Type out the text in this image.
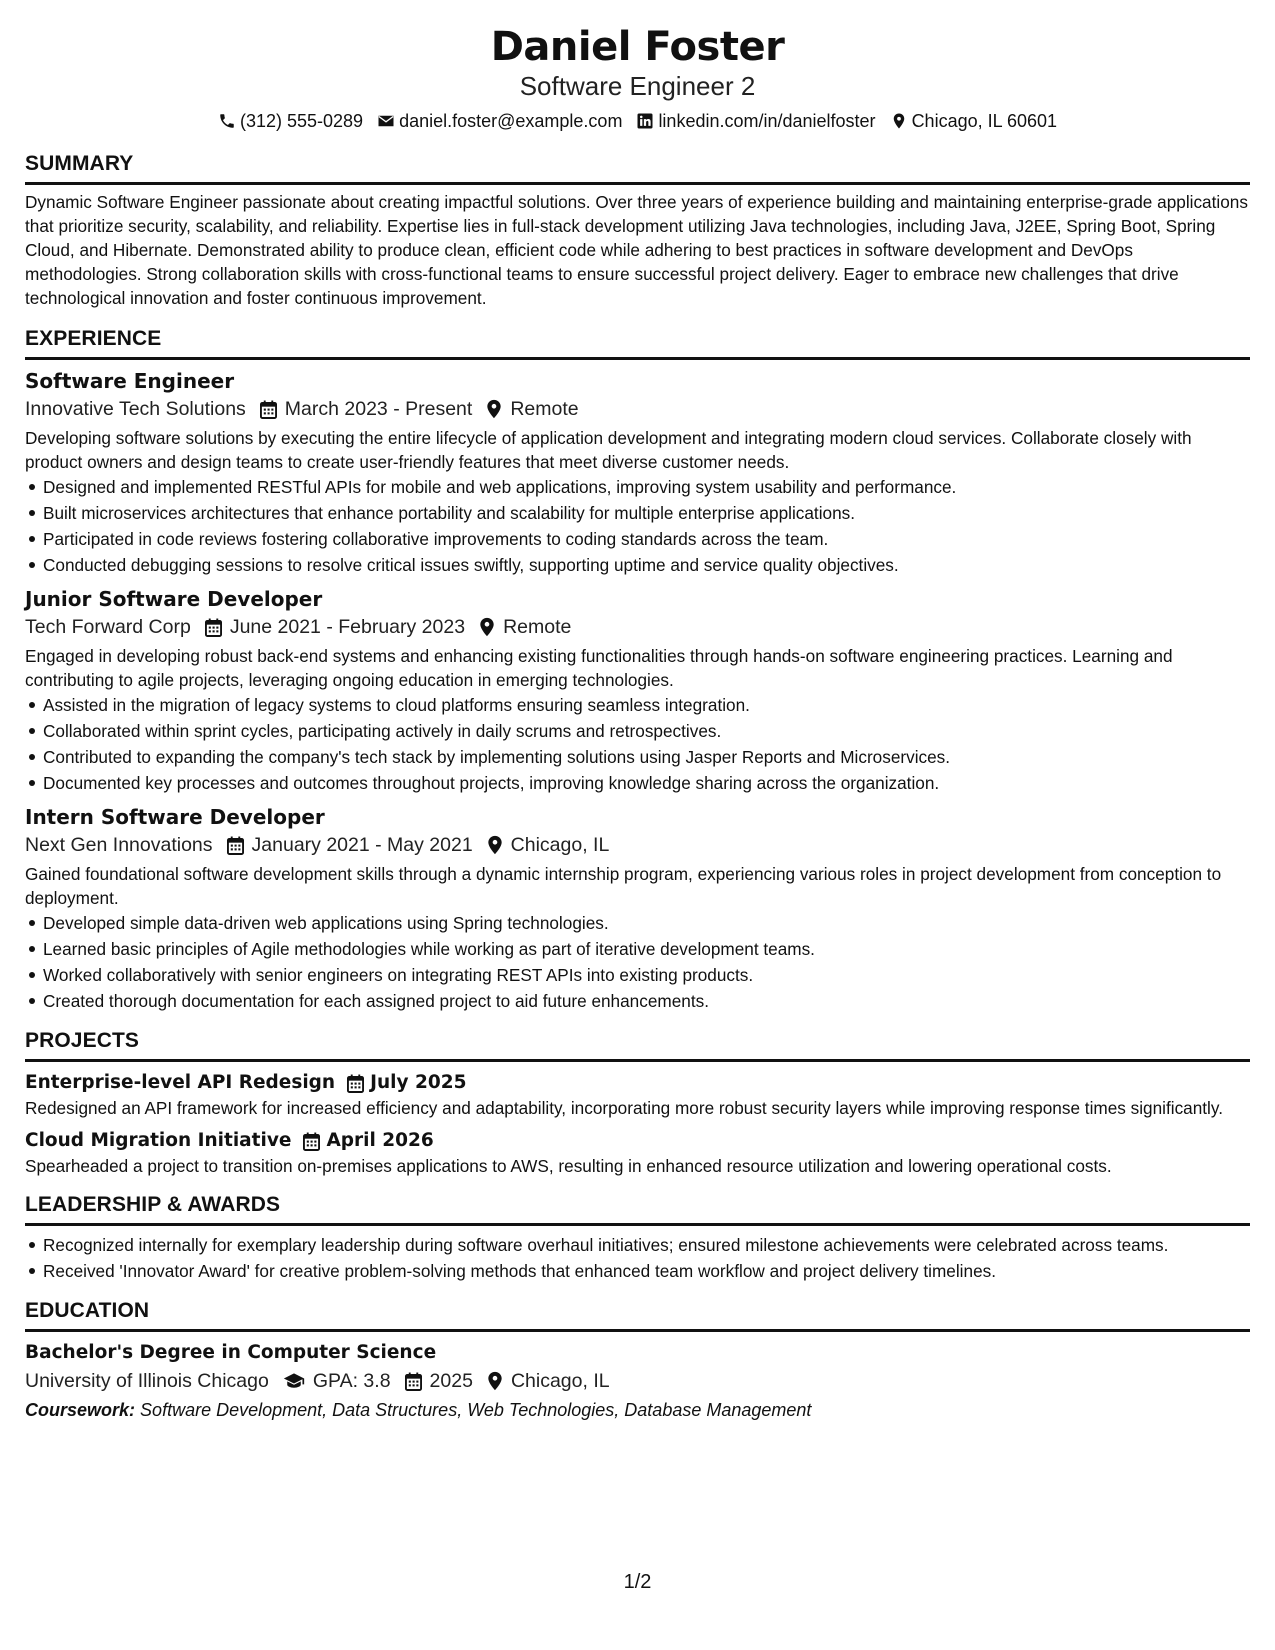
Daniel Foster
Software Engineer 2
(312) 555-0289 daniel.foster@example.com linkedin.com/in/danielfoster Chicago, IL 60601
SUMMARY
Dynamic Software Engineer passionate about creating impactful solutions. Over three years of experience building and maintaining enterprise-grade applications that prioritize security, scalability, and reliability. Expertise lies in full-stack development utilizing Java technologies, including Java, J2EE, Spring Boot, Spring Cloud, and Hibernate. Demonstrated ability to produce clean, efficient code while adhering to best practices in software development and DevOps methodologies. Strong collaboration skills with cross-functional teams to ensure successful project delivery. Eager to embrace new challenges that drive technological innovation and foster continuous improvement.
EXPERIENCE
Software Engineer
Innovative Tech Solutions March 2023 - Present Remote
Developing software solutions by executing the entire lifecycle of application development and integrating modern cloud services. Collaborate closely with product owners and design teams to create user-friendly features that meet diverse customer needs.
Designed and implemented RESTful APIs for mobile and web applications, improving system usability and performance.
Built microservices architectures that enhance portability and scalability for multiple enterprise applications.
Participated in code reviews fostering collaborative improvements to coding standards across the team.
Conducted debugging sessions to resolve critical issues swiftly, supporting uptime and service quality objectives.
Junior Software Developer
Tech Forward Corp June 2021 - February 2023 Remote
Engaged in developing robust back-end systems and enhancing existing functionalities through hands-on software engineering practices. Learning and contributing to agile projects, leveraging ongoing education in emerging technologies.
Assisted in the migration of legacy systems to cloud platforms ensuring seamless integration.
Collaborated within sprint cycles, participating actively in daily scrums and retrospectives.
Contributed to expanding the company's tech stack by implementing solutions using Jasper Reports and Microservices.
Documented key processes and outcomes throughout projects, improving knowledge sharing across the organization.
Intern Software Developer
Next Gen Innovations January 2021 - May 2021 Chicago, IL
Gained foundational software development skills through a dynamic internship program, experiencing various roles in project development from conception to deployment.
Developed simple data-driven web applications using Spring technologies.
Learned basic principles of Agile methodologies while working as part of iterative development teams.
Worked collaboratively with senior engineers on integrating REST APIs into existing products.
Created thorough documentation for each assigned project to aid future enhancements.
PROJECTS
Enterprise-level API Redesign July 2025
Redesigned an API framework for increased efficiency and adaptability, incorporating more robust security layers while improving response times significantly.
Cloud Migration Initiative April 2026
Spearheaded a project to transition on-premises applications to AWS, resulting in enhanced resource utilization and lowering operational costs.
LEADERSHIP & AWARDS
Recognized internally for exemplary leadership during software overhaul initiatives; ensured milestone achievements were celebrated across teams.
Received 'Innovator Award' for creative problem-solving methods that enhanced team workflow and project delivery timelines.
EDUCATION
Bachelor's Degree in Computer Science
University of Illinois Chicago GPA: 3.8 2025 Chicago, IL
Coursework: Software Development, Data Structures, Web Technologies, Database Management
1/2
